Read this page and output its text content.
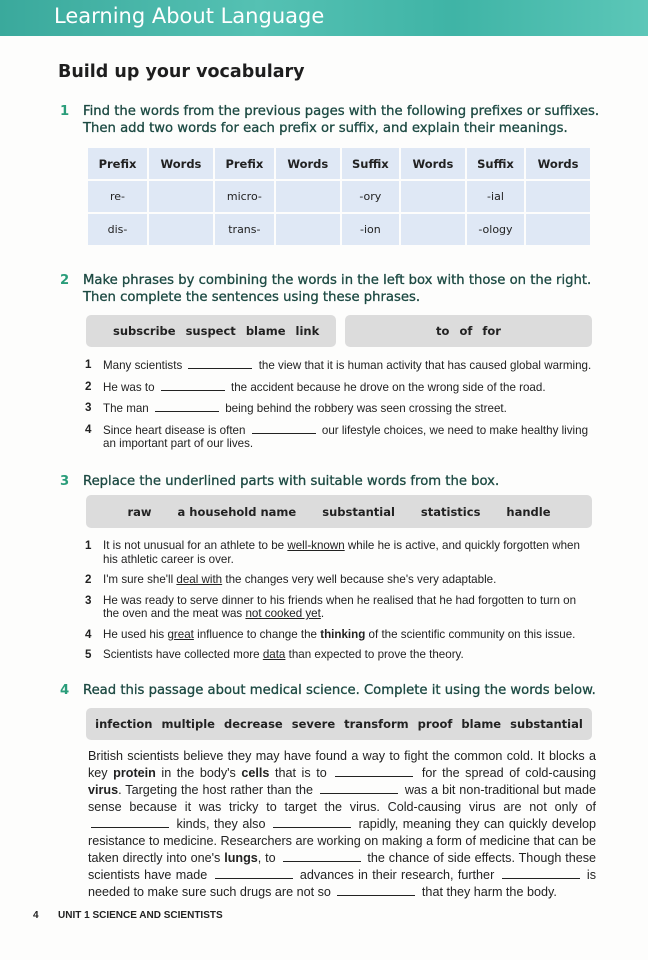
Learning About Language
Build up your vocabulary
1 Find the words from the previous pages with the following prefixes or suffixes.
Then add two words for each prefix or suffix, and explain their meanings.
Prefix	Words	Prefix	Words	Suffix	Words	Suffix	Words
re-		micro-		-ory		-ial	
dis-		trans-		-ion		-ology	
2 Make phrases by combining the words in the left box with those on the right.
Then complete the sentences using these phrases.
subscribe suspect blame link	to of for
1 Many scientists	the view that it is human activity that has caused global warming.
2 He was to	the accident because he drove on the wrong side of the road.
3 The man	being behind the robbery was seen crossing the street.
4 Since heart disease is often	our lifestyle choices, we need to make healthy living an important part of our lives.
3 Replace the underlined parts with suitable words from the box.
raw a household name substantial statistics handle
1 It is not unusual for an athlete to be well-known while he is active, and quickly forgotten when his athletic career is over.
2 I'm sure she'll deal with the changes very well because she's very adaptable.
3 He was ready to serve dinner to his friends when he realised that he had forgotten to turn on the oven and the meat was not cooked yet.
4 He used his great influence to change the thinking of the scientific community on this issue.
5 Scientists have collected more data than expected to prove the theory.
4 Read this passage about medical science. Complete it using the words below.
infection multiple decrease severe transform proof blame substantial
British scientists believe they may have found a way to fight the common cold. It blocks a key protein in the body's cells that is to	for the spread of cold-causing virus. Targeting the host rather than the	was a bit non-traditional but made sense because it was tricky to target the virus. Cold-causing virus are not only of  kinds, they also	rapidly, meaning they can quickly develop resistance to medicine. Researchers are working on making a form of medicine that can be taken directly into one's lungs, to	the chance of side effects. Though these scientists have made	advances in their research, further	is needed to make sure such drugs are not so	that they harm the body.
4 UNIT 1 SCIENCE AND SCIENTISTS
